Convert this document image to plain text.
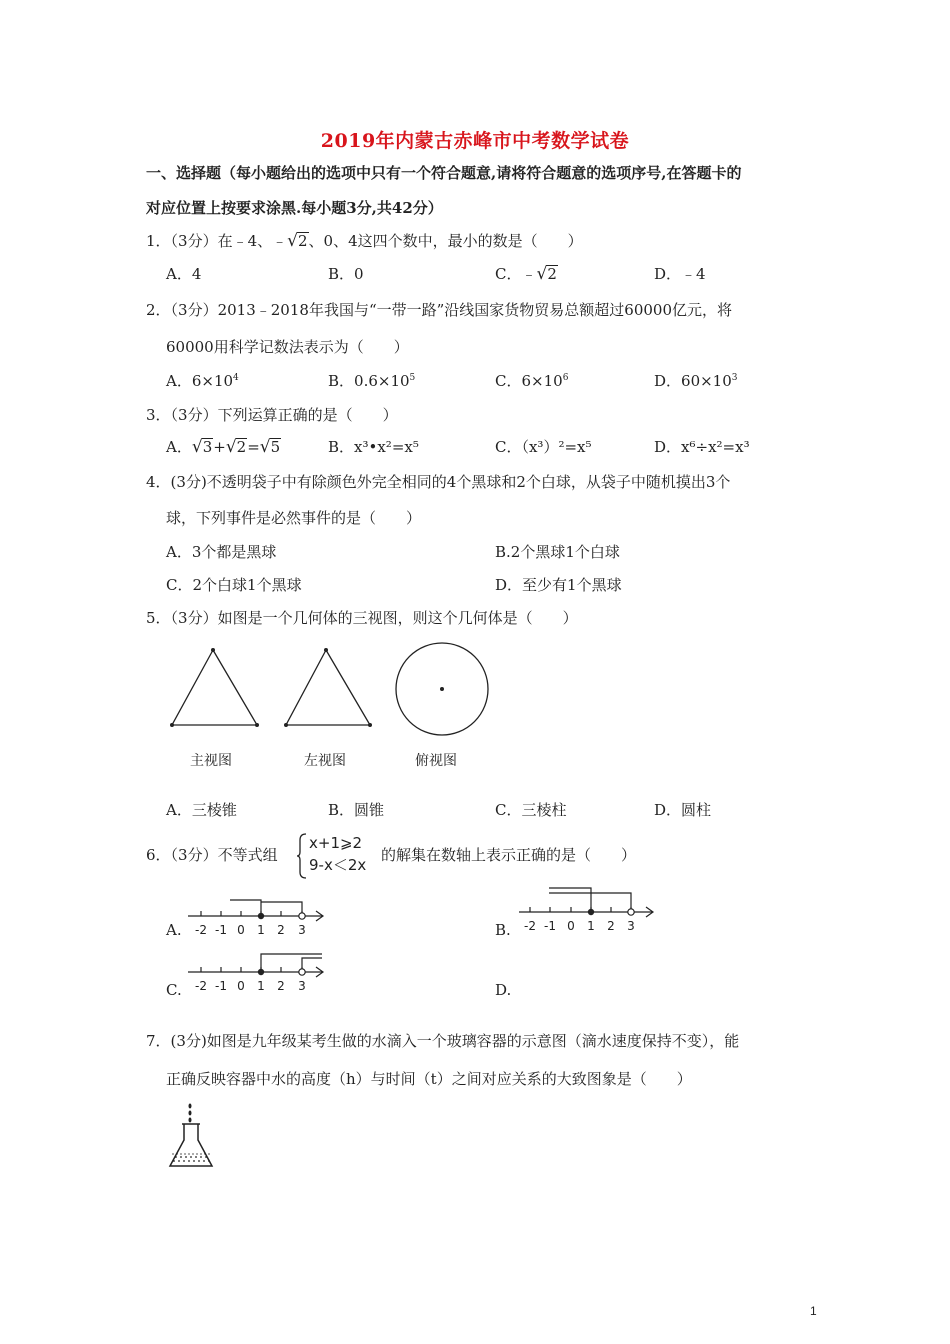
2019年内蒙古赤峰市中考数学试卷
一、选择题（每小题给出的选项中只有一个符合题意,请将符合题意的选项序号,在答题卡的
对应位置上按要求涂黑.每小题3分,共42分）
1．（3分）在﹣4、﹣√2、0、4这四个数中，最小的数是（　　）
A．4	B．0	C．﹣√2	D．﹣4
2．（3分）2013﹣2018年我国与“一带一路”沿线国家货物贸易总额超过60000亿元，将
60000用科学记数法表示为（　　）
A．$6\times 10^4$	B．$0.6\times 10^5$	C．$6\times 10^6$	D．$60\times 10^3$
3．（3分）下列运算正确的是（　　）
A．√3+√2=√5	B．x³•x²=x⁵	C．（x³）²=x⁵	D．x⁶÷x²=x³
4．(3分)不透明袋子中有除颜色外完全相同的4个黑球和2个白球，从袋子中随机摸出3个
球，下列事件是必然事件的是（　　）
A．3个都是黑球	B.2个黑球1个白球
C．2个白球1个黑球	D．至少有1个黑球
5．（3分）如图是一个几何体的三视图，则这个几何体是（　　）
主视图	左视图	俯视图
A．三棱锥	B．圆锥	C．三棱柱	D．圆柱
6．（3分）不等式组
x+1⩾2
9-x＜2x
的解集在数轴上表示正确的是（　　）
A.	B.
C.	D.
-2 -1 0 1 2 3	-2 -1 0 1 2 3
-2 -1 0 1 2 3
7．(3分)如图是九年级某考生做的水滴入一个玻璃容器的示意图（滴水速度保持不变），能
正确反映容器中水的高度（h）与时间（t）之间对应关系的大致图象是（　　）
1
